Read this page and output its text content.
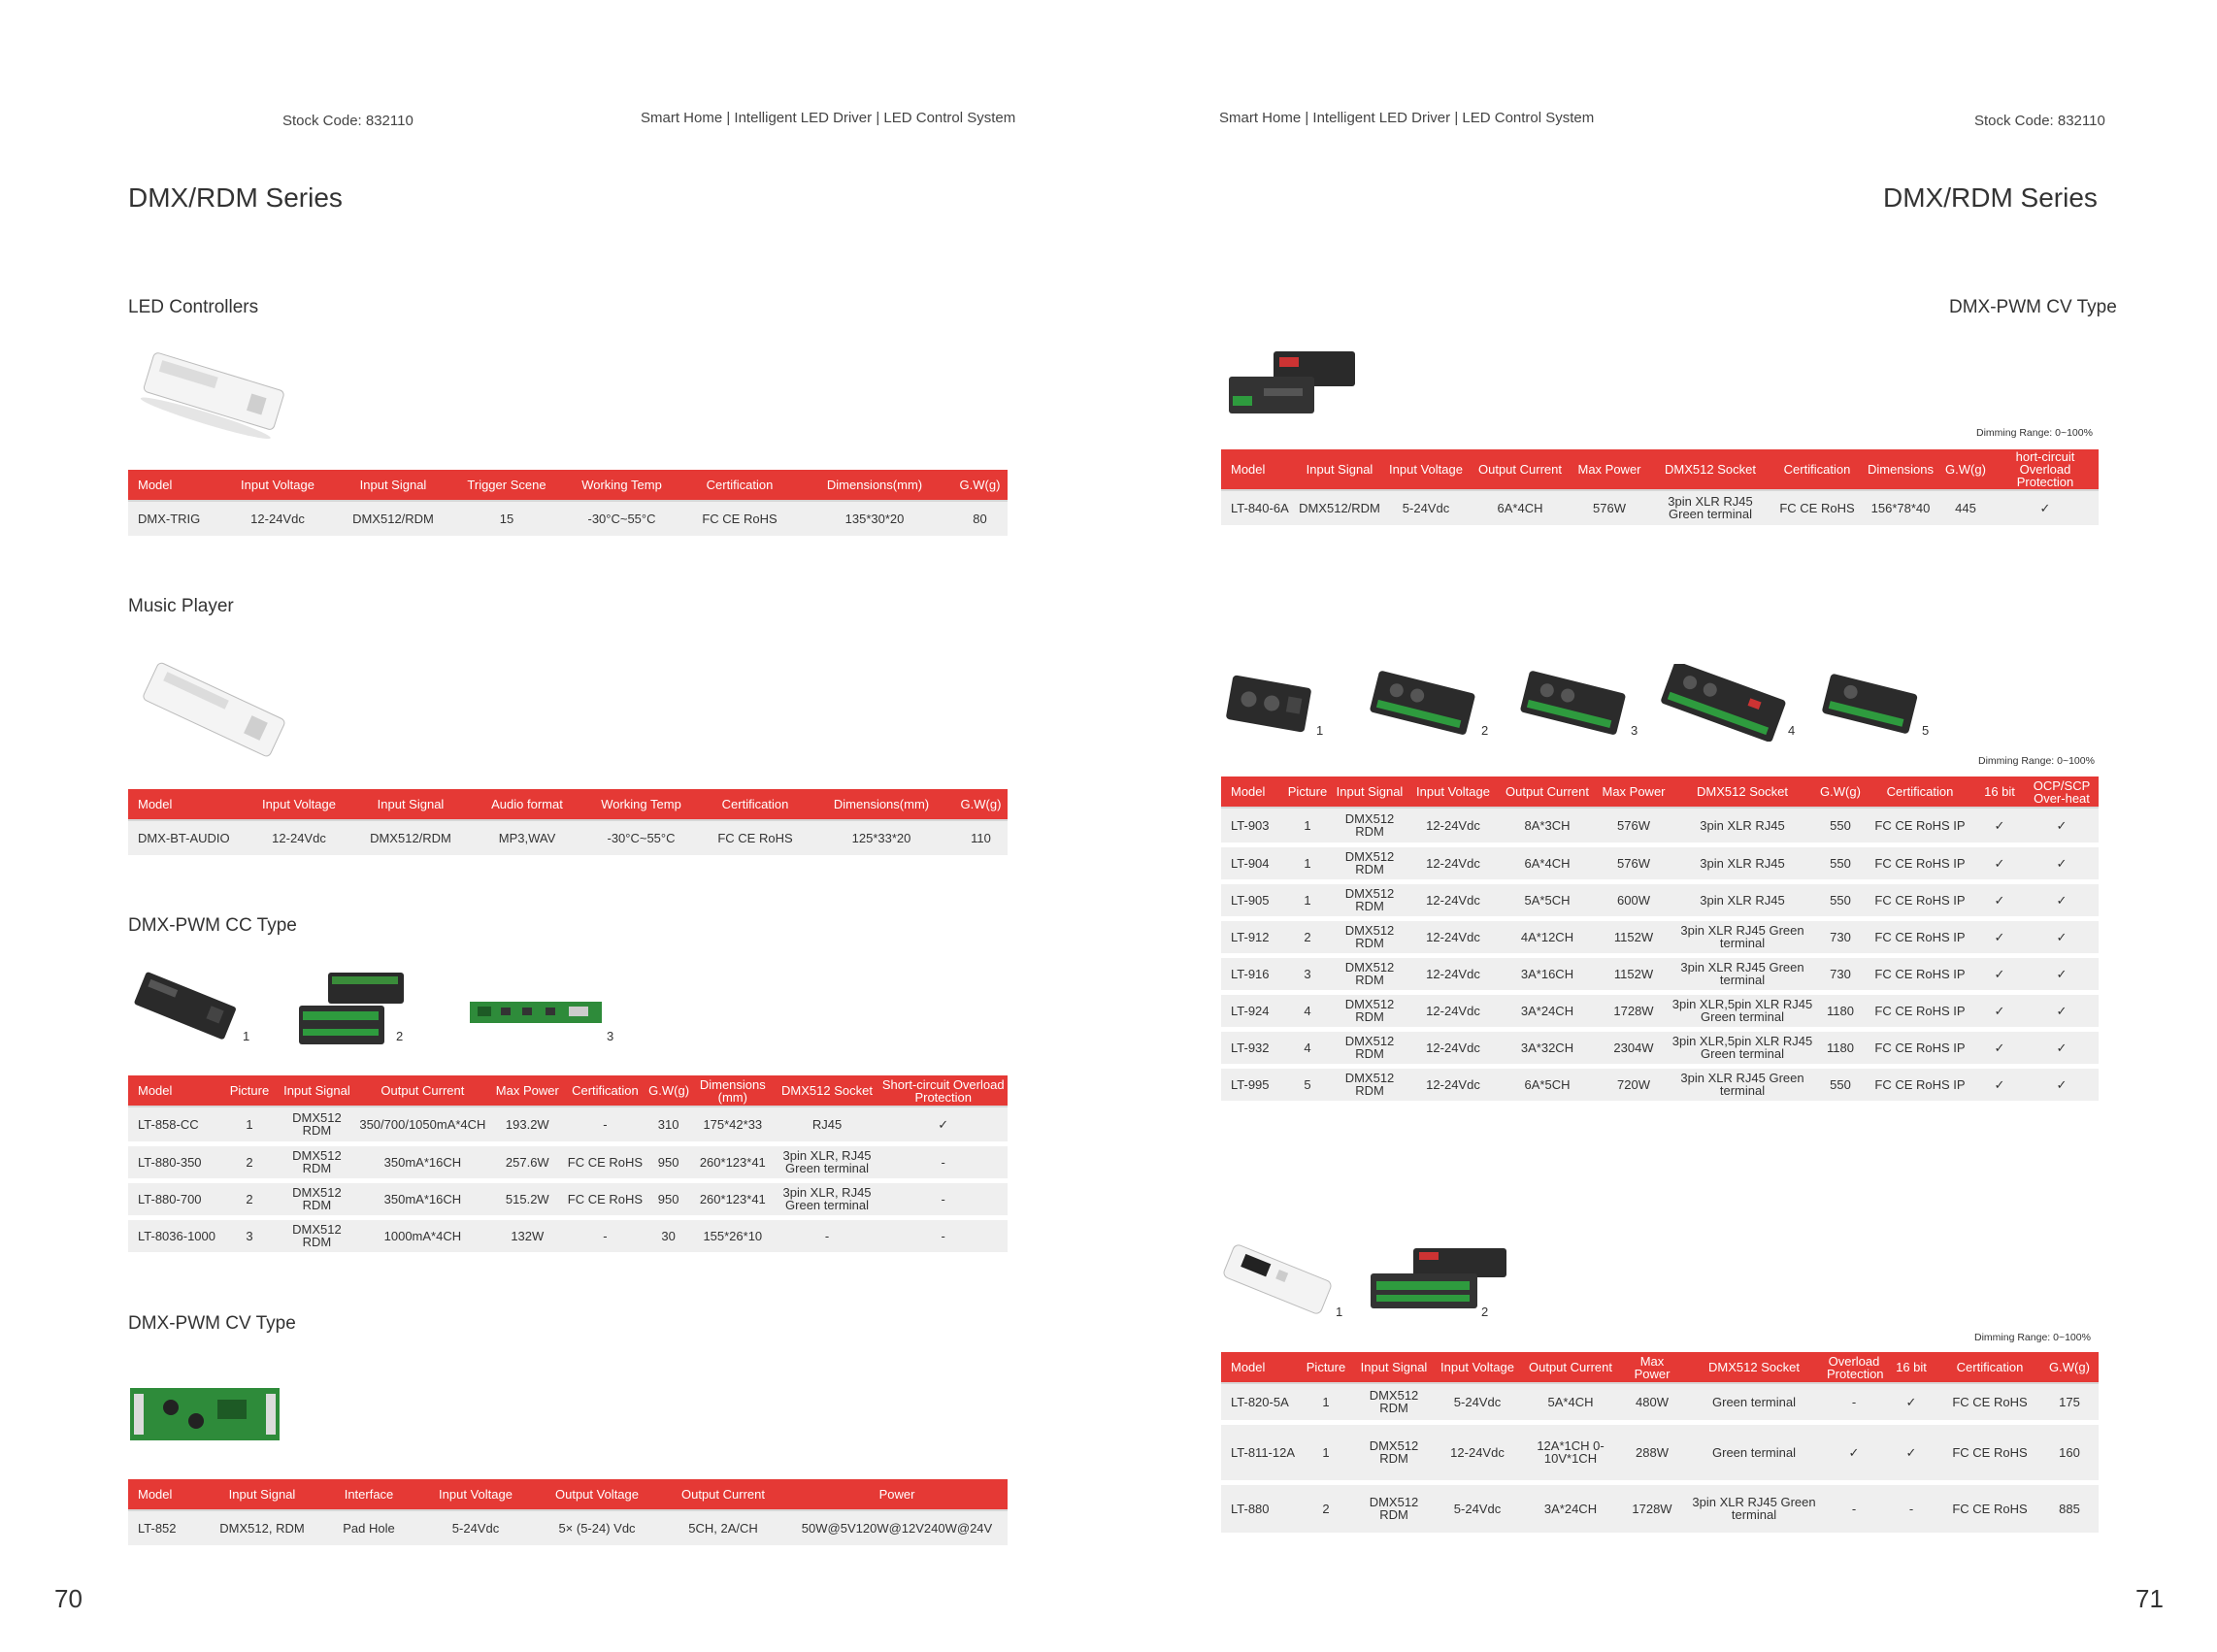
Stock Code: 832110	Smart Home | Intelligent LED Driver | LED Control System
DMX/RDM Series
LED Controllers
Model	Input Voltage	Input Signal	Trigger Scene	Working Temp	Certification	Dimensions(mm)	G.W(g)
DMX-TRIG	12-24Vdc	DMX512/RDM	15	-30°C~55°C	FC CE RoHS	135*30*20	80
Music Player
Model	Input Voltage	Input Signal	Audio format	Working Temp	Certification	Dimensions(mm)	G.W(g)
DMX-BT-AUDIO	12-24Vdc	DMX512/RDM	MP3,WAV	-30°C~55°C	FC CE RoHS	125*33*20	110
DMX-PWM CC Type
1	2	3
Model	Picture	Input Signal	Output Current	Max Power	Certification	G.W(g)	Dimensions (mm)	DMX512 Socket	Short-circuit Overload Protection
LT-858-CC	1	DMX512 RDM	350/700/1050mA*4CH	193.2W	-	310	175*42*33	RJ45	✓
LT-880-350	2	DMX512 RDM	350mA*16CH	257.6W	FC CE RoHS	950	260*123*41	3pin XLR, RJ45 Green terminal	-
LT-880-700	2	DMX512 RDM	350mA*16CH	515.2W	FC CE RoHS	950	260*123*41	3pin XLR, RJ45 Green terminal	-
LT-8036-1000	3	DMX512 RDM	1000mA*4CH	132W	-	30	155*26*10	-	-
DMX-PWM CV Type
Model	Input Signal	Interface	Input Voltage	Output Voltage	Output Current	Power
LT-852	DMX512, RDM	Pad Hole	5-24Vdc	5× (5-24) Vdc	5CH, 2A/CH	50W@5V120W@12V240W@24V
70
Smart Home | Intelligent LED Driver | LED Control System	Stock Code: 832110
DMX/RDM Series
DMX-PWM CV Type
Dimming Range: 0~100%
Model	Input Signal	Input Voltage	Output Current	Max Power	DMX512 Socket	Certification	Dimensions	G.W(g)	hort-circuit Overload Protection
LT-840-6A	DMX512/RDM	5-24Vdc	6A*4CH	576W	3pin XLR RJ45 Green terminal	FC CE RoHS	156*78*40	445	✓
1	2	3	4	5
Dimming Range: 0~100%
Model	Picture	Input Signal	Input Voltage	Output Current	Max Power	DMX512 Socket	G.W(g)	Certification	16 bit	OCP/SCP Over-heat
LT-903	1	DMX512 RDM	12-24Vdc	8A*3CH	576W	3pin XLR RJ45	550	FC CE RoHS IP	✓	✓
LT-904	1	DMX512 RDM	12-24Vdc	6A*4CH	576W	3pin XLR RJ45	550	FC CE RoHS IP	✓	✓
LT-905	1	DMX512 RDM	12-24Vdc	5A*5CH	600W	3pin XLR RJ45	550	FC CE RoHS IP	✓	✓
LT-912	2	DMX512 RDM	12-24Vdc	4A*12CH	1152W	3pin XLR RJ45 Green terminal	730	FC CE RoHS IP	✓	✓
LT-916	3	DMX512 RDM	12-24Vdc	3A*16CH	1152W	3pin XLR RJ45 Green terminal	730	FC CE RoHS IP	✓	✓
LT-924	4	DMX512 RDM	12-24Vdc	3A*24CH	1728W	3pin XLR,5pin XLR RJ45 Green terminal	1180	FC CE RoHS IP	✓	✓
LT-932	4	DMX512 RDM	12-24Vdc	3A*32CH	2304W	3pin XLR,5pin XLR RJ45 Green terminal	1180	FC CE RoHS IP	✓	✓
LT-995	5	DMX512 RDM	12-24Vdc	6A*5CH	720W	3pin XLR RJ45 Green terminal	550	FC CE RoHS IP	✓	✓
1	2
Dimming Range: 0~100%
Model	Picture	Input Signal	Input Voltage	Output Current	Max Power	DMX512 Socket	Overload Protection	16 bit	Certification	G.W(g)
LT-820-5A	1	DMX512 RDM	5-24Vdc	5A*4CH	480W	Green terminal	-	✓	FC CE RoHS	175
LT-811-12A	1	DMX512 RDM	12-24Vdc	12A*1CH 0-10V*1CH	288W	Green terminal	✓	✓	FC CE RoHS	160
LT-880	2	DMX512 RDM	5-24Vdc	3A*24CH	1728W	3pin XLR RJ45 Green terminal	-	-	FC CE RoHS	885
71
